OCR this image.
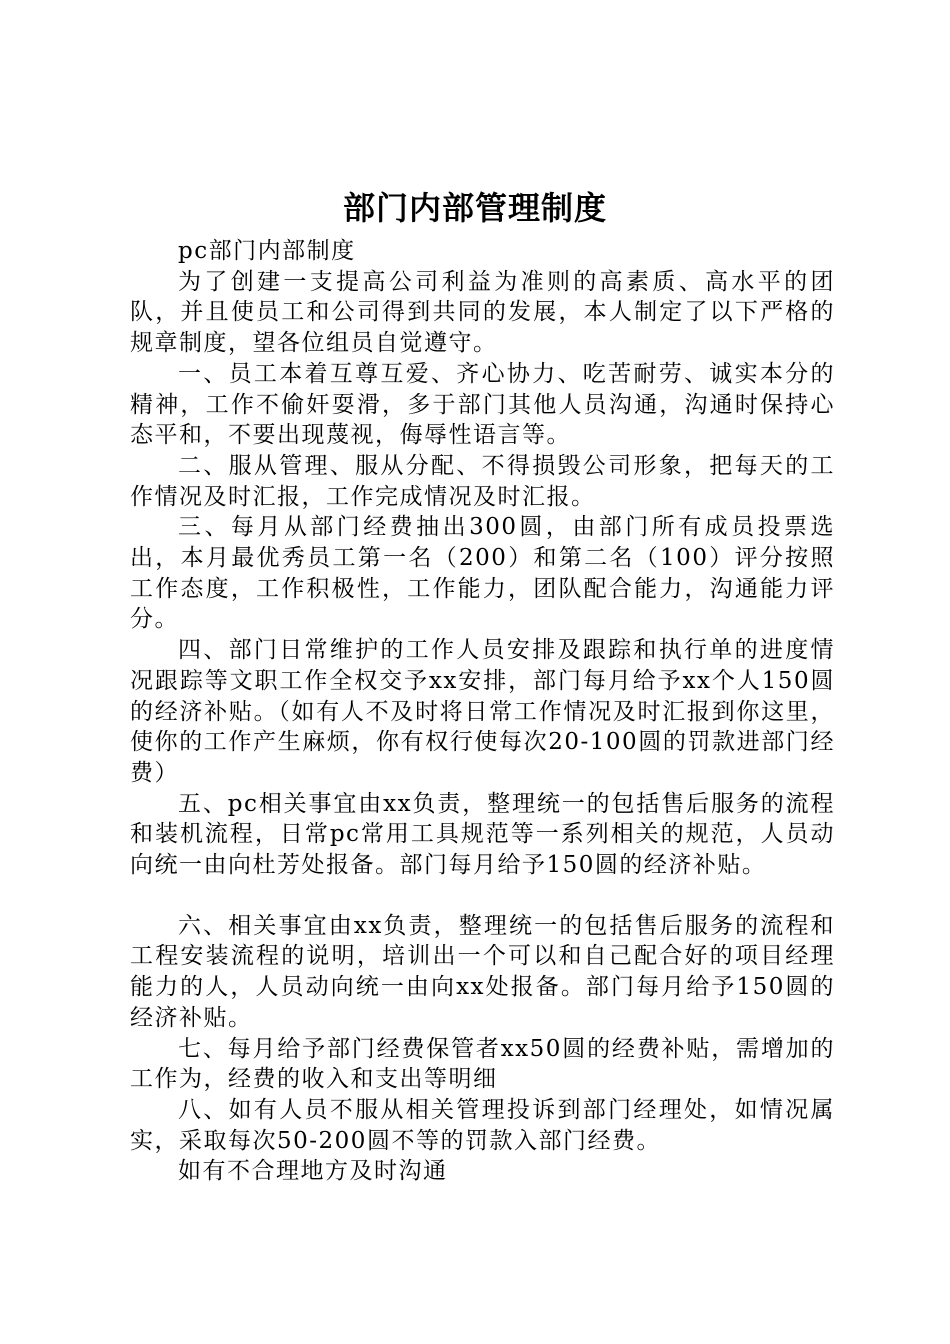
部门内部管理制度

pc部门内部制度

为了创建一支提高公司利益为准则的高素质、高水平的团队，并且使员工和公司得到共同的发展，本人制定了以下严格的规章制度，望各位组员自觉遵守。

一、员工本着互尊互爱、齐心协力、吃苦耐劳、诚实本分的精神，工作不偷奸耍滑，多于部门其他人员沟通，沟通时保持心态平和，不要出现蔑视，侮辱性语言等。

二、服从管理、服从分配、不得损毁公司形象，把每天的工作情况及时汇报，工作完成情况及时汇报。

三、每月从部门经费抽出300圆，由部门所有成员投票选出，本月最优秀员工第一名（200）和第二名（100）评分按照工作态度，工作积极性，工作能力，团队配合能力，沟通能力评分。

四、部门日常维护的工作人员安排及跟踪和执行单的进度情况跟踪等文职工作全权交予xx安排，部门每月给予xx个人150圆的经济补贴。（如有人不及时将日常工作情况及时汇报到你这里，使你的工作产生麻烦，你有权行使每次20-100圆的罚款进部门经费）

五、pc相关事宜由xx负责，整理统一的包括售后服务的流程和装机流程，日常pc常用工具规范等一系列相关的规范，人员动向统一由向杜芳处报备。部门每月给予150圆的经济补贴。

六、相关事宜由xx负责，整理统一的包括售后服务的流程和工程安装流程的说明，培训出一个可以和自己配合好的项目经理能力的人，人员动向统一由向xx处报备。部门每月给予150圆的经济补贴。

七、每月给予部门经费保管者xx50圆的经费补贴，需增加的工作为，经费的收入和支出等明细

八、如有人员不服从相关管理投诉到部门经理处，如情况属实，采取每次50-200圆不等的罚款入部门经费。

如有不合理地方及时沟通
